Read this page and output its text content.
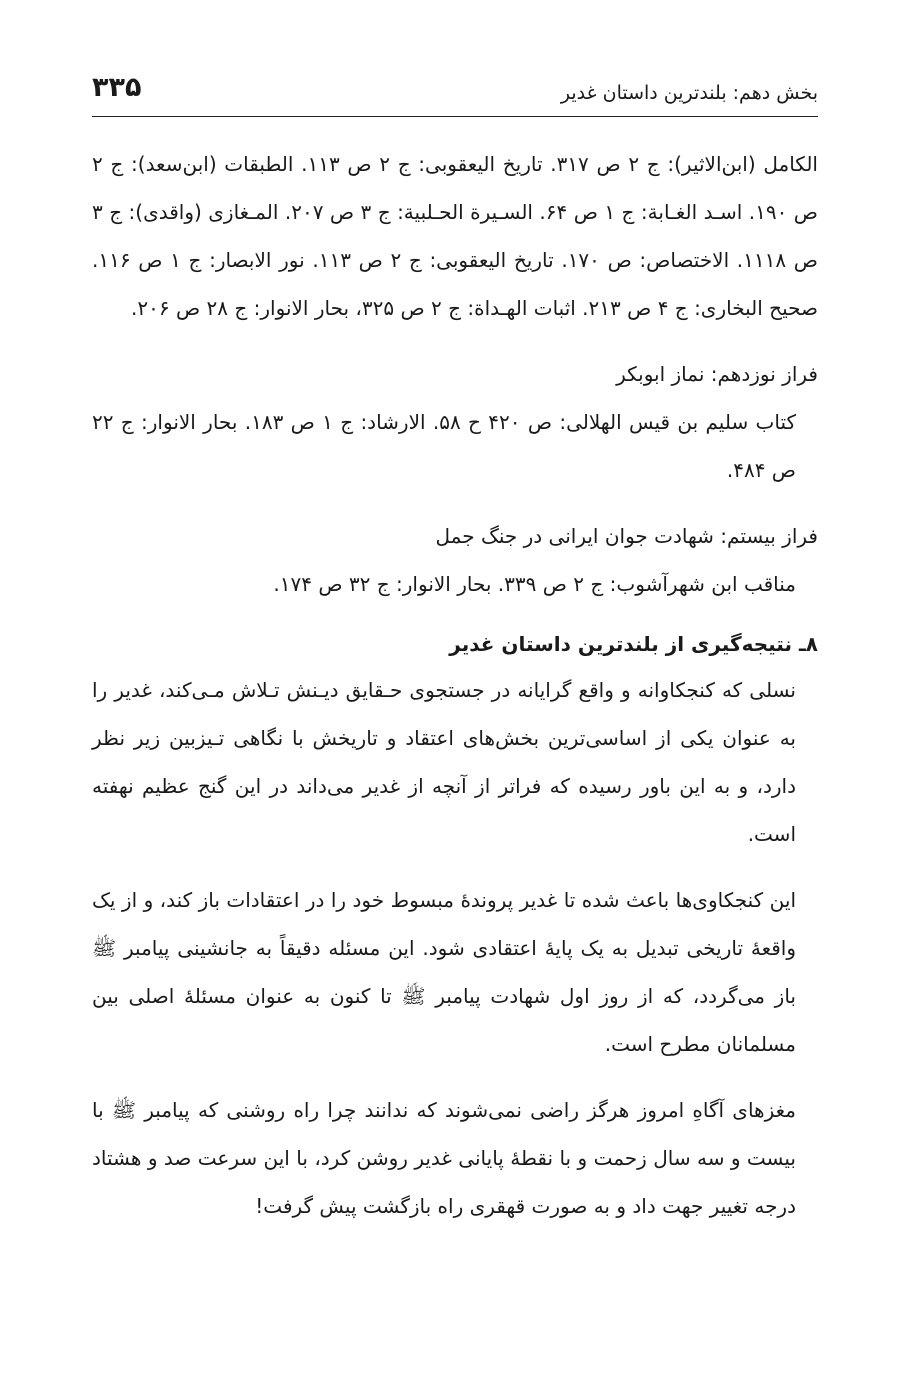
۳۳۵	بخش دهم: بلندترین داستان غدیر

الکامل (ابن‌الاثیر): ج ۲ ص ۳۱۷. تاریخ الیعقوبی: ج ۲ ص ۱۱۳. الطبقات (ابن‌سعد): ج ۲ ص ۱۹۰. اسـد الغـابة: ج ۱ ص ۶۴. السـیرة الحـلبیة: ج ۳ ص ۲۰۷. المـغازی (واقدی): ج ۳ ص ۱۱۱۸. الاختصاص: ص ۱۷۰. تاریخ الیعقوبی: ج ۲ ص ۱۱۳. نور الابصار: ج ۱ ص ۱۱۶. صحیح البخاری: ج ۴ ص ۲۱۳. اثبات الهـداة: ج ۲ ص ۳۲۵، بحار الانوار: ج ۲۸ ص ۲۰۶.

فراز نوزدهم: نماز ابوبکر

کتاب سلیم بن قیس الهلالی: ص ۴۲۰ ح ۵۸. الارشاد: ج ۱ ص ۱۸۳. بحار الانوار: ج ۲۲ ص ۴۸۴.

فراز بیستم: شهادت جوان ایرانی در جنگ جمل

مناقب ابن شهرآشوب: ج ۲ ص ۳۳۹. بحار الانوار: ج ۳۲ ص ۱۷۴.

۸ـ نتیجه‌گیری از بلندترین داستان غدیر

نسلی که کنجکاوانه و واقع گرایانه در جستجوی حـقایق دیـنش تـلاش مـی‌کند، غدیر را به عنوان یکی از اساسی‌ترین بخش‌های اعتقاد و تاریخش با نگاهی تـیزبین زیر نظر دارد، و به این باور رسیده که فراتر از آنچه از غدیر می‌داند در این گنج عظیم نهفته است.

این کنجکاوی‌ها باعث شده تا غدیر پروندهٔ مبسوط خود را در اعتقادات باز کند، و از یک واقعهٔ تاریخی تبدیل به یک پایهٔ اعتقادی شود. این مسئله دقیقاً به جانشینی پیامبر ﷺ باز می‌گردد، که از روز اول شهادت پیامبر ﷺ تا کنون به عنوان مسئلهٔ اصلی بین مسلمانان مطرح است.

مغزهای آگاهِ امروز هرگز راضی نمی‌شوند که ندانند چرا راه روشنی که پیامبر ﷺ با بیست و سه سال زحمت و با نقطهٔ پایانی غدیر روشن کرد، با این سرعت صد و هشتاد درجه تغییر جهت داد و به صورت قهقری راه بازگشت پیش گرفت!
